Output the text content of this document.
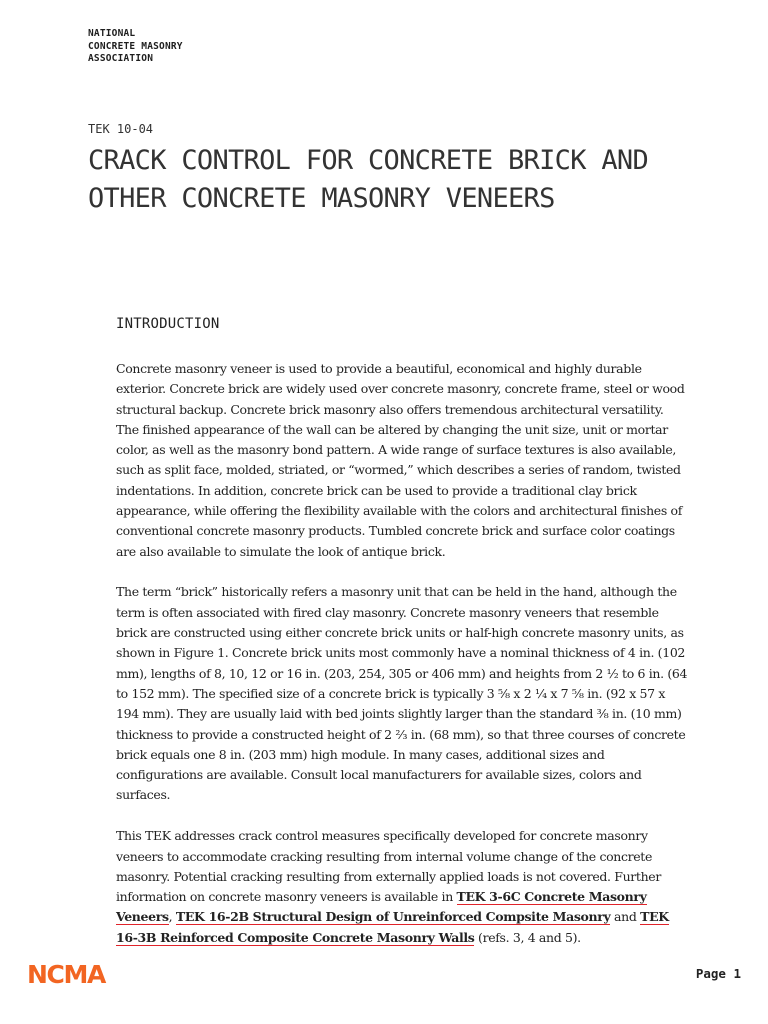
NATIONAL
CONCRETE MASONRY
ASSOCIATION
TEK 10-04
CRACK CONTROL FOR CONCRETE BRICK AND OTHER CONCRETE MASONRY VENEERS
INTRODUCTION

Concrete masonry veneer is used to provide a beautiful, economical and highly durable exterior. Concrete brick are widely used over concrete masonry, concrete frame, steel or wood structural backup. Concrete brick masonry also offers tremendous architectural versatility. The finished appearance of the wall can be altered by changing the unit size, unit or mortar color, as well as the masonry bond pattern. A wide range of surface textures is also available, such as split face, molded, striated, or “wormed,” which describes a series of random, twisted indentations. In addition, concrete brick can be used to provide a traditional clay brick appearance, while offering the flexibility available with the colors and architectural finishes of conventional concrete masonry products. Tumbled concrete brick and surface color coatings are also available to simulate the look of antique brick.

The term “brick” historically refers a masonry unit that can be held in the hand, although the term is often associated with fired clay masonry. Concrete masonry veneers that resemble brick are constructed using either concrete brick units or half-high concrete masonry units, as shown in Figure 1. Concrete brick units most commonly have a nominal thickness of 4 in. (102 mm), lengths of 8, 10, 12 or 16 in. (203, 254, 305 or 406 mm) and heights from 2 ½ to 6 in. (64 to 152 mm). The specified size of a concrete brick is typically 3 ⅝ x 2 ¼ x 7 ⅝ in. (92 x 57 x 194 mm). They are usually laid with bed joints slightly larger than the standard ⅜ in. (10 mm) thickness to provide a constructed height of 2 ⅔ in. (68 mm), so that three courses of concrete brick equals one 8 in. (203 mm) high module. In many cases, additional sizes and configurations are available. Consult local manufacturers for available sizes, colors and surfaces.

This TEK addresses crack control measures specifically developed for concrete masonry veneers to accommodate cracking resulting from internal volume change of the concrete masonry. Potential cracking resulting from externally applied loads is not covered. Further information on concrete masonry veneers is available in TEK 3-6C Concrete Masonry Veneers, TEK 16-2B Structural Design of Unreinforced Compsite Masonry and TEK 16-3B Reinforced Composite Concrete Masonry Walls (refs. 3, 4 and 5).

NCMA	Page 1
